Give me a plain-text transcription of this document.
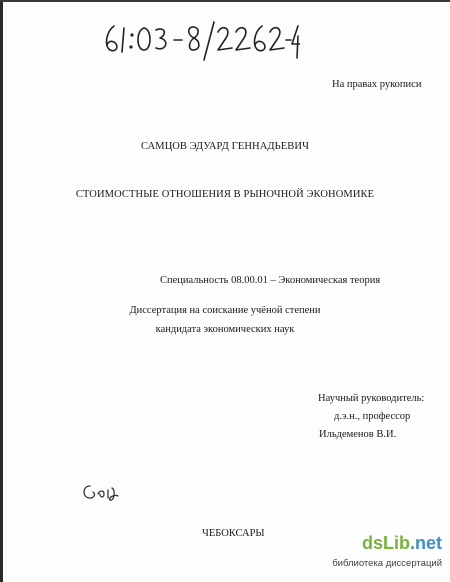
На правах рукописи
САМЦОВ ЭДУАРД ГЕННАДЬЕВИЧ
СТОИМОСТНЫЕ ОТНОШЕНИЯ В РЫНОЧНОЙ ЭКОНОМИКЕ
Специальность 08.00.01 – Экономическая теория
Диссертация на соискание учёной степени
кандидата экономических наук
Научный руководитель:
д.э.н., профессор
Ильдеменов В.И.
ЧЕБОКСАРЫ	dsLib.net
библиотека диссертаций
